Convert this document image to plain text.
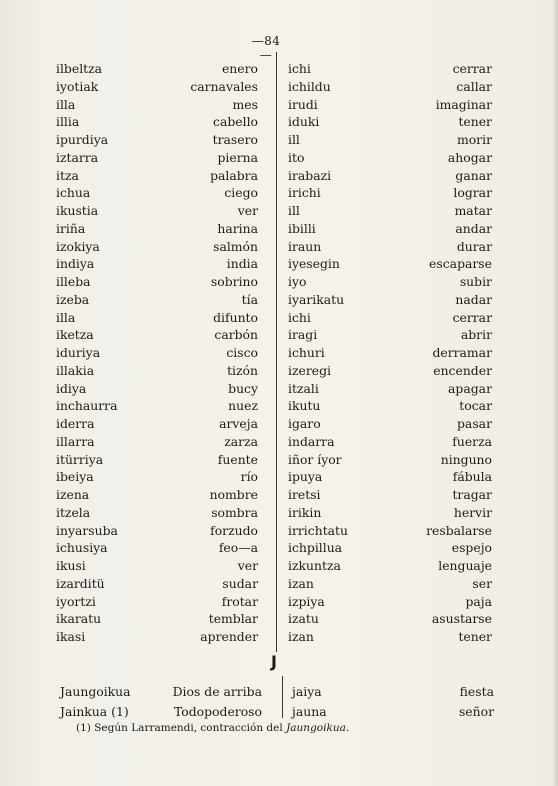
—84—
ilbeltza
iyotiak
illa
illia
ipurdiya
iztarra
itza
ichua
ikustia
iriña
izokiya
indiya
illeba
izeba
illa
iketza
iduriya
illakia
idiya
inchaurra
iderra
illarra
itürriya
ibeiya
izena
itzela
inyarsuba
ichusiya
ikusi
izarditü
iyortzi
ikaratu
ikasi
enero
carnavales
mes
cabello
trasero
pierna
palabra
ciego
ver
harina
salmón
india
sobrino
tía
difunto
carbón
cisco
tizón
bucy
nuez
arveja
zarza
fuente
río
nombre
sombra
forzudo
feo—a
ver
sudar
frotar
temblar
aprender
ichi
ichildu
irudi
iduki
ill
ito
irabazi
irichi
ill
ibilli
iraun
iyesegin
iyo
iyarikatu
ichi
iragi
ichuri
izeregi
itzali
ikutu
igaro
indarra
iñor íyor
ipuya
iretsi
irikin
irrichtatu
ichpillua
izkuntza
izan
izpiya
izatu
izan
cerrar
callar
imaginar
tener
morir
ahogar
ganar
lograr
matar
andar
durar
escaparse
subir
nadar
cerrar
abrir
derramar
encender
apagar
tocar
pasar
fuerza
ninguno
fábula
tragar
hervir
resbalarse
espejo
lenguaje
ser
paja
asustarse
tener
J
Jaungoikua
Jainkua (1)
Dios de arriba
Todopoderoso
jaiya
jauna
fiesta
señor
(1) Según Larramendi, contracción del Jaungoikua.
